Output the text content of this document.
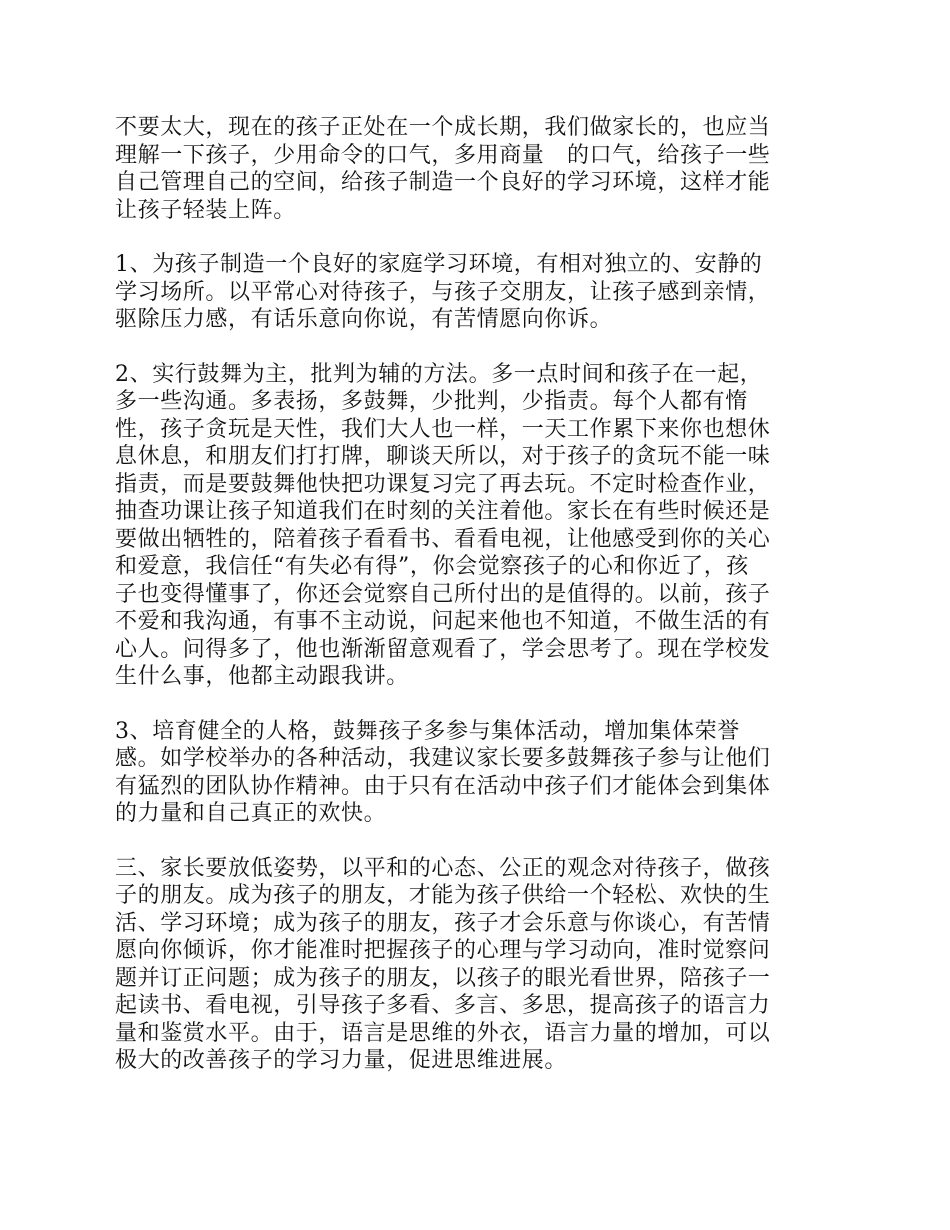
不要太大，现在的孩子正处在一个成长期，我们做家长的，也应当
理解一下孩子，少用命令的口气，多用商量　的口气，给孩子一些
自己管理自己的空间，给孩子制造一个良好的学习环境，这样才能
让孩子轻装上阵。
1、为孩子制造一个良好的家庭学习环境，有相对独立的、安静的
学习场所。以平常心对待孩子，与孩子交朋友，让孩子感到亲情，
驱除压力感，有话乐意向你说，有苦情愿向你诉。
2、实行鼓舞为主，批判为辅的方法。多一点时间和孩子在一起，
多一些沟通。多表扬，多鼓舞，少批判，少指责。每个人都有惰
性，孩子贪玩是天性，我们大人也一样，一天工作累下来你也想休
息休息，和朋友们打打牌，聊谈天所以，对于孩子的贪玩不能一味
指责，而是要鼓舞他快把功课复习完了再去玩。不定时检查作业，
抽查功课让孩子知道我们在时刻的关注着他。家长在有些时候还是
要做出牺牲的，陪着孩子看看书、看看电视，让他感受到你的关心
和爱意，我信任“有失必有得”，你会觉察孩子的心和你近了，孩
子也变得懂事了，你还会觉察自己所付出的是值得的。以前，孩子
不爱和我沟通，有事不主动说，问起来他也不知道，不做生活的有
心人。问得多了，他也渐渐留意观看了，学会思考了。现在学校发
生什么事，他都主动跟我讲。
3、培育健全的人格，鼓舞孩子多参与集体活动，增加集体荣誉
感。如学校举办的各种活动，我建议家长要多鼓舞孩子参与让他们
有猛烈的团队协作精神。由于只有在活动中孩子们才能体会到集体
的力量和自己真正的欢快。
三、家长要放低姿势，以平和的心态、公正的观念对待孩子，做孩
子的朋友。成为孩子的朋友，才能为孩子供给一个轻松、欢快的生
活、学习环境；成为孩子的朋友，孩子才会乐意与你谈心，有苦情
愿向你倾诉，你才能准时把握孩子的心理与学习动向，准时觉察问
题并订正问题；成为孩子的朋友，以孩子的眼光看世界，陪孩子一
起读书、看电视，引导孩子多看、多言、多思，提高孩子的语言力
量和鉴赏水平。由于，语言是思维的外衣，语言力量的增加，可以
极大的改善孩子的学习力量，促进思维进展。
